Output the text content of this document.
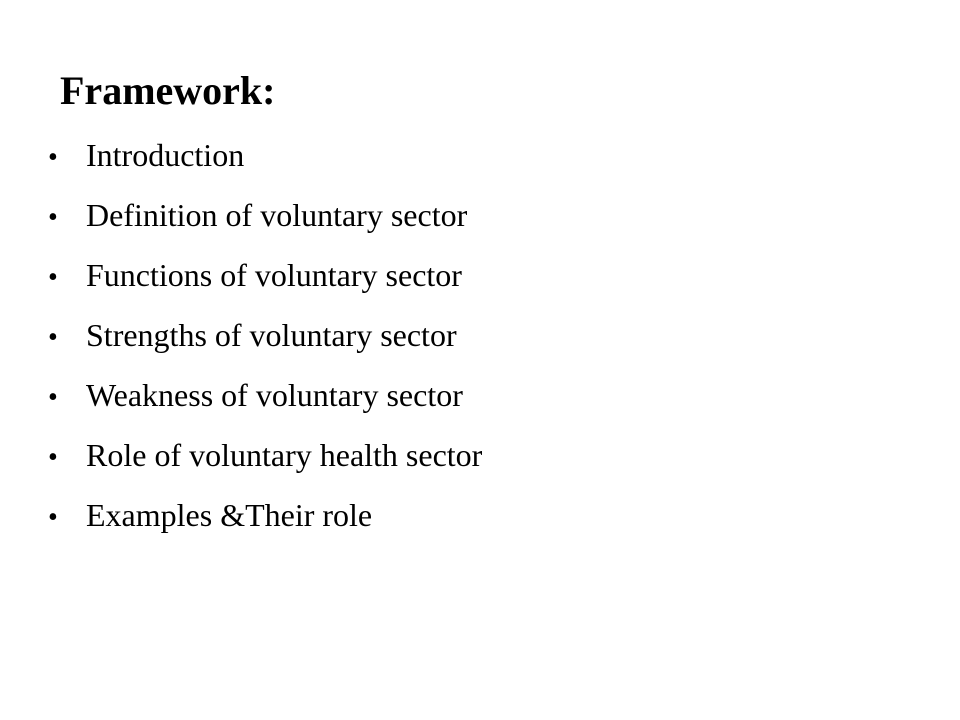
Framework:
• Introduction
• Definition of voluntary sector
• Functions of voluntary sector
• Strengths of voluntary sector
• Weakness of voluntary sector
• Role of voluntary health sector
• Examples &Their role
